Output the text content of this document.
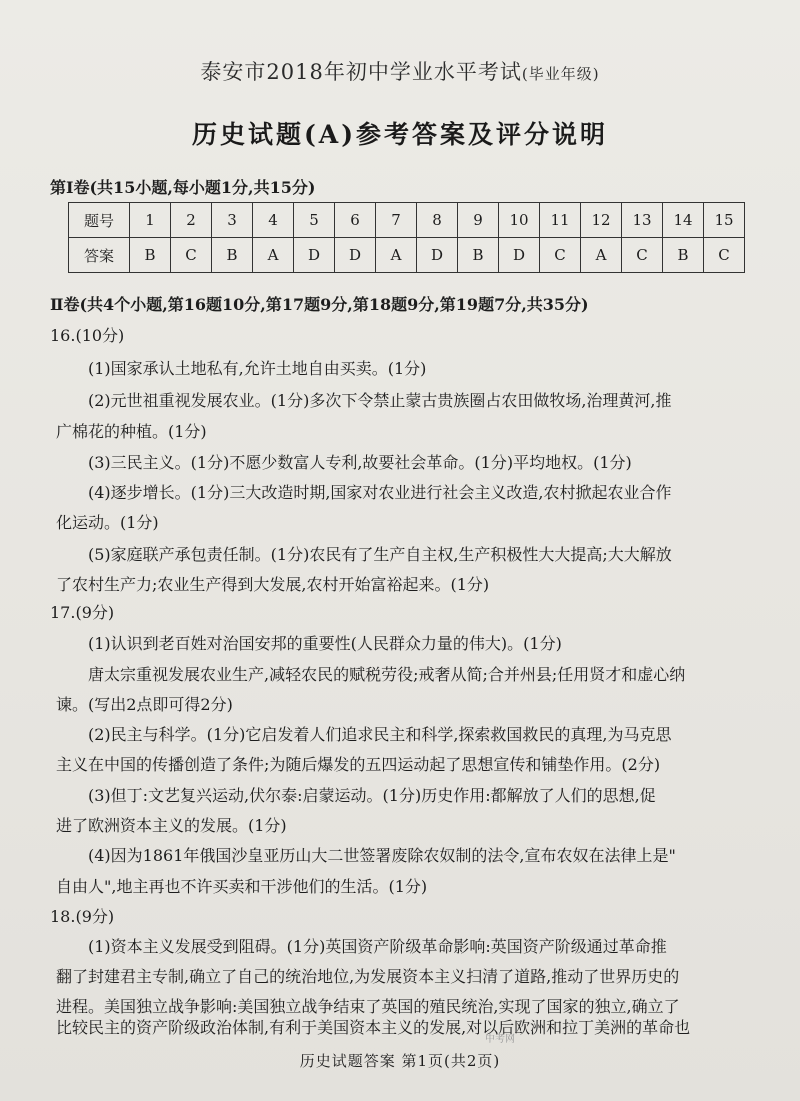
泰安市2018年初中学业水平考试(毕业年级)
历史试题(A)参考答案及评分说明
第Ⅰ卷(共15小题,每小题1分,共15分)
题号	1	2	3	4	5	6	7	8	9	10	11	12	13	14	15
答案	B	C	B	A	D	D	A	D	B	D	C	A	C	B	C
Ⅱ卷(共4个小题,第16题10分,第17题9分,第18题9分,第19题7分,共35分)
16.(10分)
(1)国家承认土地私有,允许土地自由买卖。(1分)
(2)元世祖重视发展农业。(1分)多次下令禁止蒙古贵族圈占农田做牧场,治理黄河,推
广棉花的种植。(1分)
(3)三民主义。(1分)不愿少数富人专利,故要社会革命。(1分)平均地权。(1分)
(4)逐步增长。(1分)三大改造时期,国家对农业进行社会主义改造,农村掀起农业合作
化运动。(1分)
(5)家庭联产承包责任制。(1分)农民有了生产自主权,生产积极性大大提高;大大解放
了农村生产力;农业生产得到大发展,农村开始富裕起来。(1分)
17.(9分)
(1)认识到老百姓对治国安邦的重要性(人民群众力量的伟大)。(1分)
唐太宗重视发展农业生产,减轻农民的赋税劳役;戒奢从简;合并州县;任用贤才和虚心纳
谏。(写出2点即可得2分)
(2)民主与科学。(1分)它启发着人们追求民主和科学,探索救国救民的真理,为马克思
主义在中国的传播创造了条件;为随后爆发的五四运动起了思想宣传和铺垫作用。(2分)
(3)但丁:文艺复兴运动,伏尔泰:启蒙运动。(1分)历史作用:都解放了人们的思想,促
进了欧洲资本主义的发展。(1分)
(4)因为1861年俄国沙皇亚历山大二世签署废除农奴制的法令,宣布农奴在法律上是"
自由人",地主再也不许买卖和干涉他们的生活。(1分)
18.(9分)
(1)资本主义发展受到阻碍。(1分)英国资产阶级革命影响:英国资产阶级通过革命推
翻了封建君主专制,确立了自己的统治地位,为发展资本主义扫清了道路,推动了世界历史的
进程。美国独立战争影响:美国独立战争结束了英国的殖民统治,实现了国家的独立,确立了
比较民主的资产阶级政治体制,有利于美国资本主义的发展,对以后欧洲和拉丁美洲的革命也
中考网
历史试题答案 第1页(共2页)
